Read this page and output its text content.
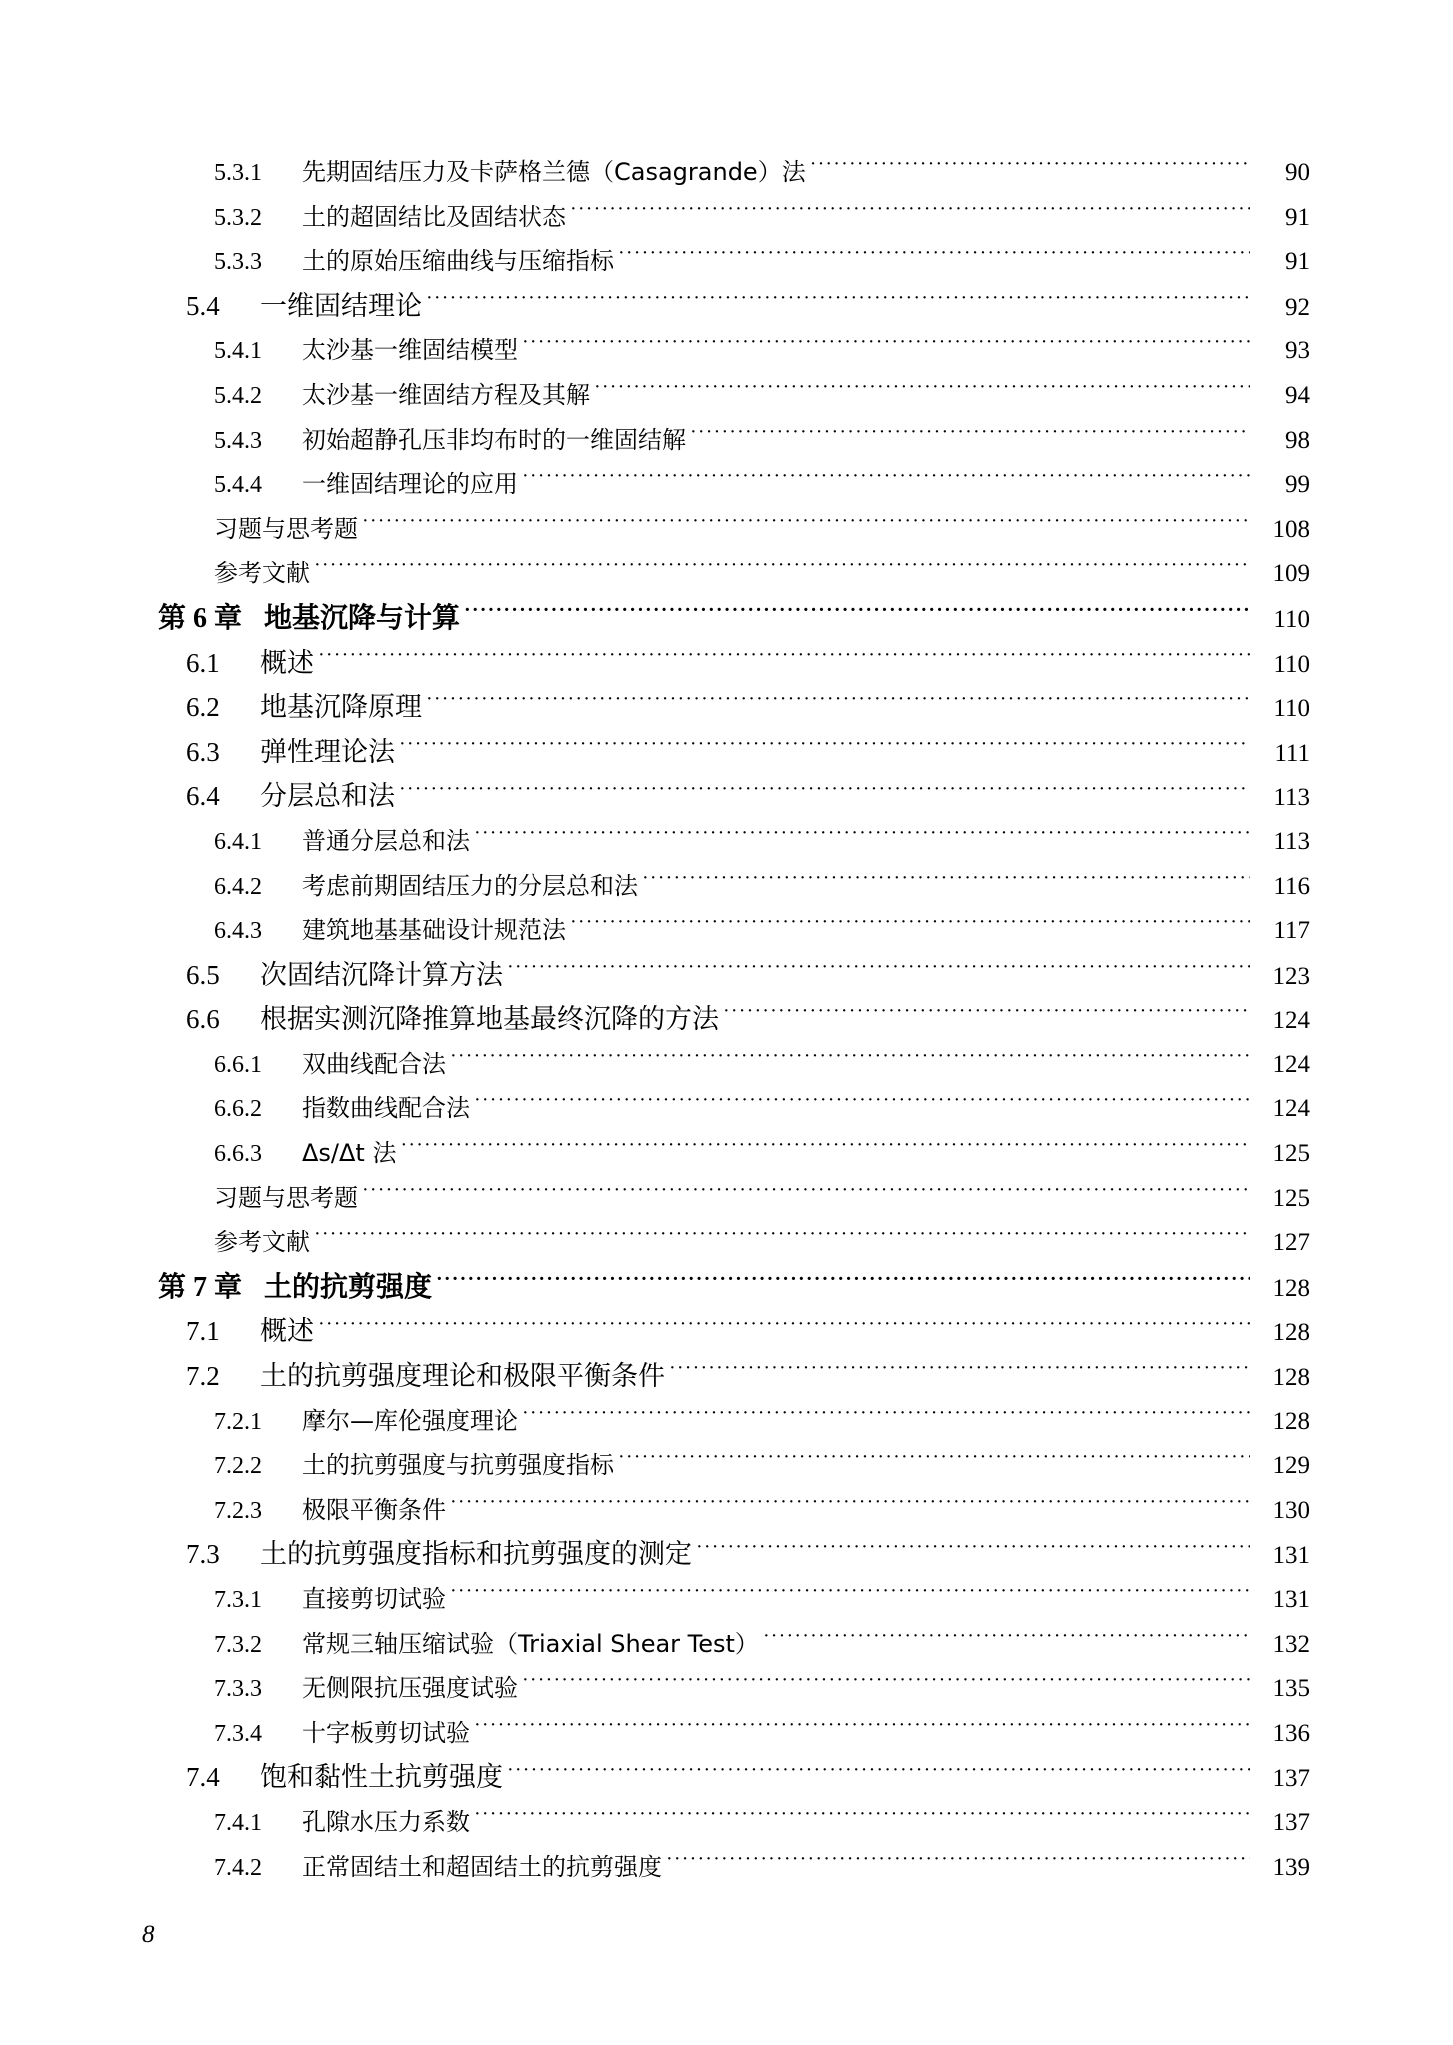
5.3.1	先期固结压力及卡萨格兰德（Casagrande）法 ·····	90
5.3.2	土的超固结比及固结状态 ·····	91
5.3.3	土的原始压缩曲线与压缩指标 ·····	91
5.4	一维固结理论 ·····	92
5.4.1	太沙基一维固结模型 ·····	93
5.4.2	太沙基一维固结方程及其解 ·····	94
5.4.3	初始超静孔压非均布时的一维固结解 ·····	98
5.4.4	一维固结理论的应用 ·····	99
习题与思考题 ·····	108
参考文献 ·····	109
第 6 章 地基沉降与计算 ·····	110
6.1	概述 ·····	110
6.2	地基沉降原理 ·····	110
6.3	弹性理论法 ·····	111
6.4	分层总和法 ·····	113
6.4.1	普通分层总和法 ·····	113
6.4.2	考虑前期固结压力的分层总和法 ·····	116
6.4.3	建筑地基基础设计规范法 ·····	117
6.5	次固结沉降计算方法 ·····	123
6.6	根据实测沉降推算地基最终沉降的方法 ·····	124
6.6.1	双曲线配合法 ·····	124
6.6.2	指数曲线配合法 ·····	124
6.6.3	Δs/Δt 法 ·····	125
习题与思考题 ·····	125
参考文献 ·····	127
第 7 章 土的抗剪强度 ·····	128
7.1	概述 ·····	128
7.2	土的抗剪强度理论和极限平衡条件 ·····	128
7.2.1	摩尔—库伦强度理论 ·····	128
7.2.2	土的抗剪强度与抗剪强度指标 ·····	129
7.2.3	极限平衡条件 ·····	130
7.3	土的抗剪强度指标和抗剪强度的测定 ·····	131
7.3.1	直接剪切试验 ·····	131
7.3.2	常规三轴压缩试验（Triaxial Shear Test） ·····	132
7.3.3	无侧限抗压强度试验 ·····	135
7.3.4	十字板剪切试验 ·····	136
7.4	饱和黏性土抗剪强度 ·····	137
7.4.1	孔隙水压力系数 ·····	137
7.4.2	正常固结土和超固结土的抗剪强度 ·····	139
8
